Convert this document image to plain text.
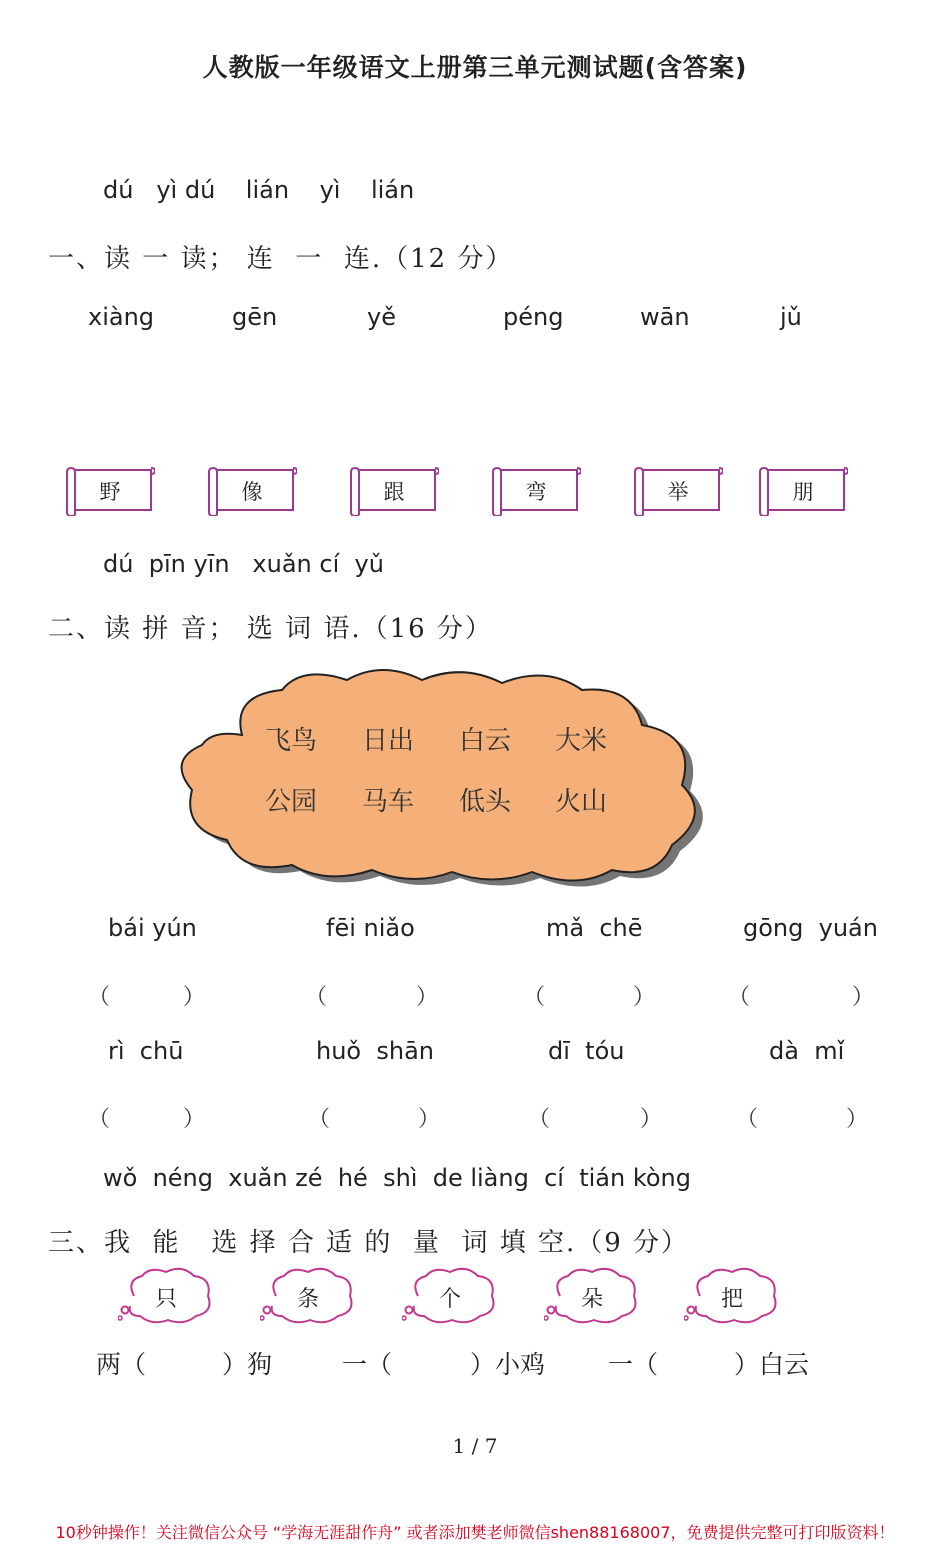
人教版一年级语文上册第三单元测试题(含答案)
dú   yì dú    lián    yì    lián
一、读 一 读； 连  一  连.（12 分）
xiàng	gēn	yě	péng	wān	jǔ
野	像	跟	弯	举	朋
dú  pīn yīn   xuǎn cí  yǔ
二、读 拼 音； 选 词 语.（16 分）
飞鸟 日出 白云 大米
公园 马车 低头 火山
bái yún	fēi niǎo	mǎ  chē	gōng  yuán
（	）	（	）	（	）	（	）
rì  chū	huǒ  shān	dī  tóu	dà  mǐ
（	）	（	）	（	）	（	）
wǒ  néng  xuǎn zé  hé  shì  de liàng  cí  tián kòng
三、我  能   选 择 合 适 的  量  词 填 空.（9 分）
只	条	个	朵	把
两（	）狗	一（	）小鸡	一（	）白云
1 / 7
10秒钟操作！关注微信公众号 “学海无涯甜作舟” 或者添加樊老师微信shen88168007，免费提供完整可打印版资料！
